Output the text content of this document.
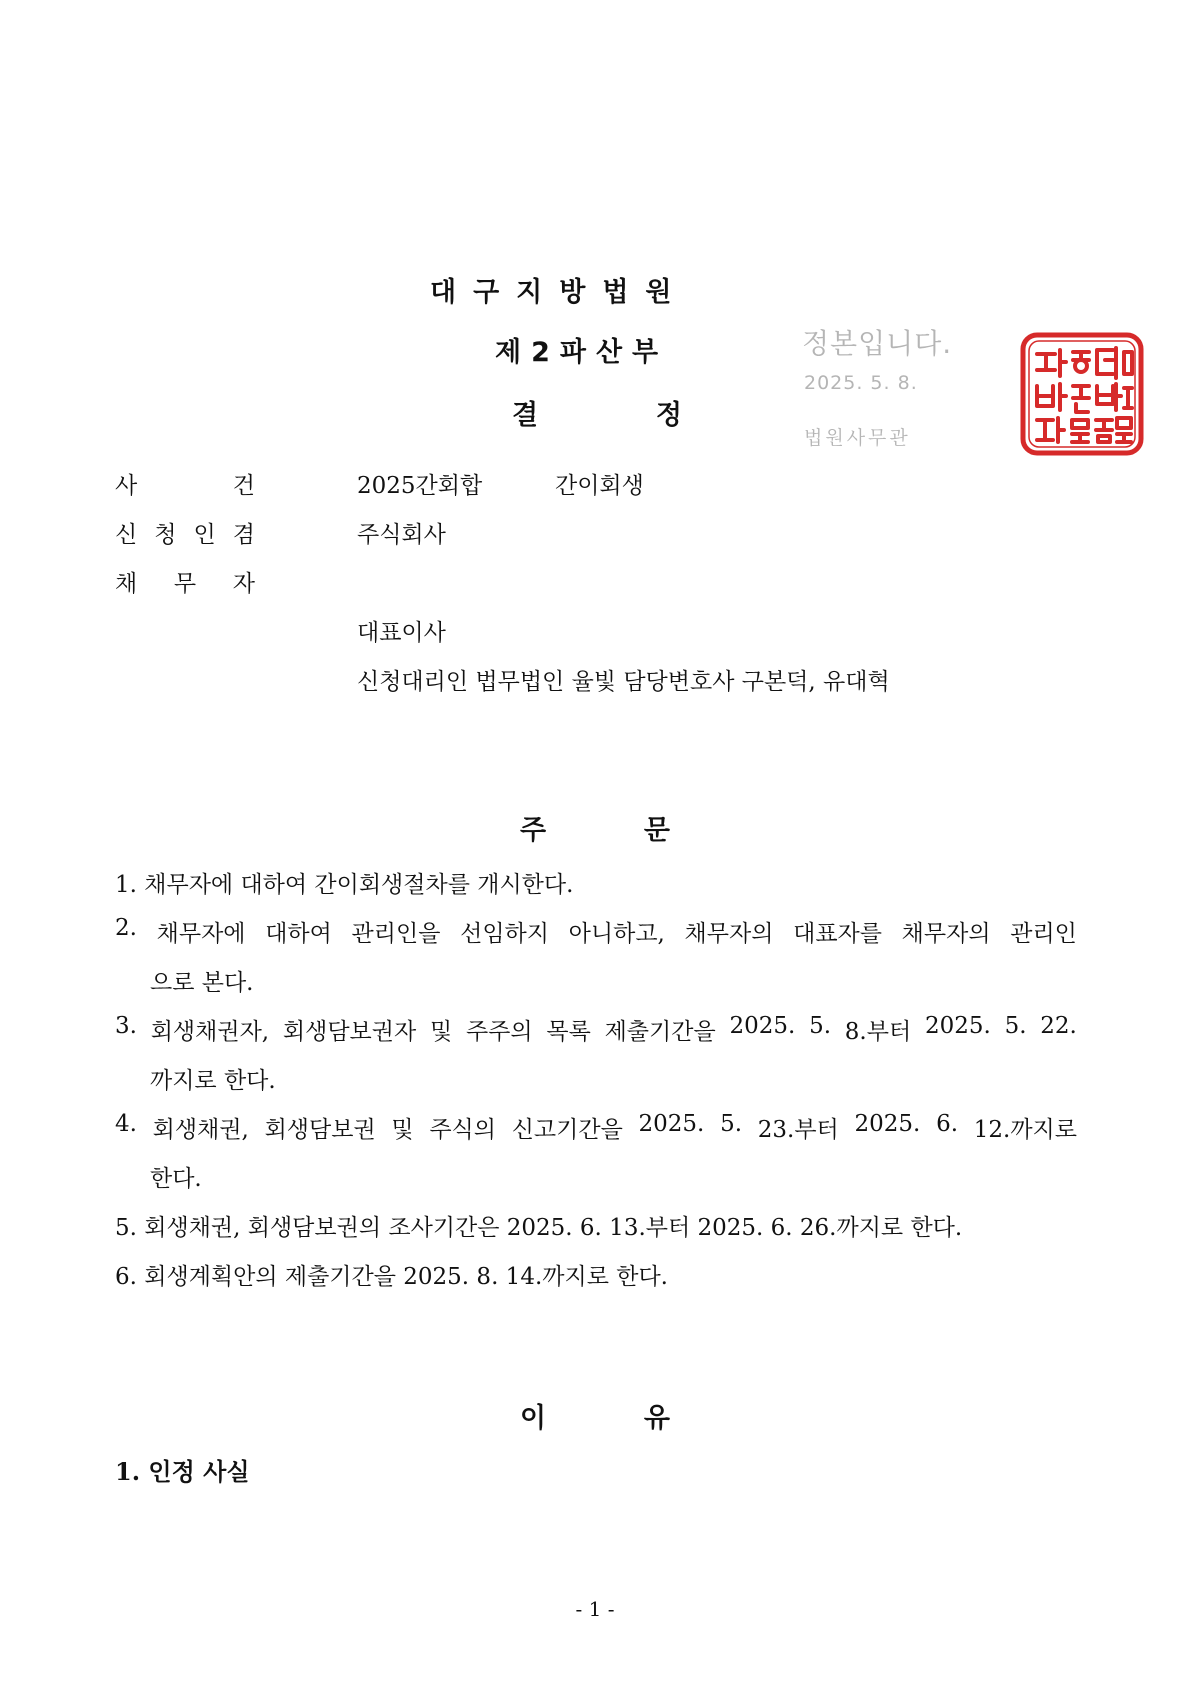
대구지방법원
제2파산부
결	정
정본입니다.
2025. 5. 8.
법원사무관
사	건	2025간회합	간이회생
신 청 인 겸	주식회사
채 무 자
대표이사
신청대리인 법무법인 율빛 담당변호사 구본덕, 유대혁
주	문
1. 채무자에 대하여 간이회생절차를 개시한다.
2. 채무자에 대하여 관리인을 선임하지 아니하고, 채무자의 대표자를 채무자의 관리인
으로 본다.
3. 회생채권자, 회생담보권자 및 주주의 목록 제출기간을 2025. 5. 8.부터 2025. 5. 22.
까지로 한다.
4. 회생채권, 회생담보권 및 주식의 신고기간을 2025. 5. 23.부터 2025. 6. 12.까지로
한다.
5. 회생채권, 회생담보권의 조사기간은 2025. 6. 13.부터 2025. 6. 26.까지로 한다.
6. 회생계획안의 제출기간을 2025. 8. 14.까지로 한다.
이	유
1. 인정 사실
- 1 -
